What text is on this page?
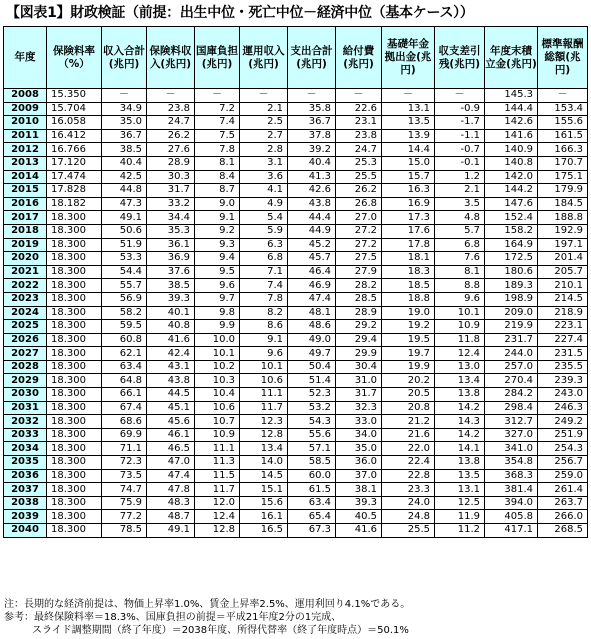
【図表1】財政検証（前提：出生中位・死亡中位－経済中位（基本ケース））
年度	保険料率（%）	収入合計(兆円)	保険料収入(兆円)	国庫負担(兆円)	運用収入(兆円)	支出合計(兆円)	給付費(兆円)	基礎年金拠出金(兆円)	収支差引残(兆円)	年度末積立金(兆円)	標準報酬総額(兆円)
2008	15.350	－	－	－	－	－	－	－	－	145.3	－
2009	15.704	34.9	23.8	7.2	2.1	35.8	22.6	13.1	-0.9	144.4	153.4
2010	16.058	35.0	24.7	7.4	2.5	36.7	23.1	13.5	-1.7	142.6	155.6
2011	16.412	36.7	26.2	7.5	2.7	37.8	23.8	13.9	-1.1	141.6	161.5
2012	16.766	38.5	27.6	7.8	2.8	39.2	24.7	14.4	-0.7	140.9	166.3
2013	17.120	40.4	28.9	8.1	3.1	40.4	25.3	15.0	-0.1	140.8	170.7
2014	17.474	42.5	30.3	8.4	3.6	41.3	25.5	15.7	1.2	142.0	175.1
2015	17.828	44.8	31.7	8.7	4.1	42.6	26.2	16.3	2.1	144.2	179.9
2016	18.182	47.3	33.2	9.0	4.9	43.8	26.8	16.9	3.5	147.6	184.5
2017	18.300	49.1	34.4	9.1	5.4	44.4	27.0	17.3	4.8	152.4	188.8
2018	18.300	50.6	35.3	9.2	5.9	44.9	27.2	17.6	5.7	158.2	192.9
2019	18.300	51.9	36.1	9.3	6.3	45.2	27.2	17.8	6.8	164.9	197.1
2020	18.300	53.3	36.9	9.4	6.8	45.7	27.5	18.1	7.6	172.5	201.4
2021	18.300	54.4	37.6	9.5	7.1	46.4	27.9	18.3	8.1	180.6	205.7
2022	18.300	55.7	38.5	9.6	7.4	46.9	28.2	18.5	8.8	189.3	210.1
2023	18.300	56.9	39.3	9.7	7.8	47.4	28.5	18.8	9.6	198.9	214.5
2024	18.300	58.2	40.1	9.8	8.2	48.1	28.9	19.0	10.1	209.0	218.9
2025	18.300	59.5	40.8	9.9	8.6	48.6	29.2	19.2	10.9	219.9	223.1
2026	18.300	60.8	41.6	10.0	9.1	49.0	29.4	19.5	11.8	231.7	227.4
2027	18.300	62.1	42.4	10.1	9.6	49.7	29.9	19.7	12.4	244.0	231.5
2028	18.300	63.4	43.1	10.2	10.1	50.4	30.4	19.9	13.0	257.0	235.5
2029	18.300	64.8	43.8	10.3	10.6	51.4	31.0	20.2	13.4	270.4	239.3
2030	18.300	66.1	44.5	10.4	11.1	52.3	31.7	20.5	13.8	284.2	243.0
2031	18.300	67.4	45.1	10.6	11.7	53.2	32.3	20.8	14.2	298.4	246.3
2032	18.300	68.6	45.6	10.7	12.3	54.3	33.0	21.2	14.3	312.7	249.2
2033	18.300	69.9	46.1	10.9	12.8	55.6	34.0	21.6	14.2	327.0	251.9
2034	18.300	71.1	46.5	11.1	13.4	57.1	35.0	22.0	14.1	341.0	254.3
2035	18.300	72.3	47.0	11.3	14.0	58.5	36.0	22.4	13.8	354.8	256.7
2036	18.300	73.5	47.4	11.5	14.5	60.0	37.0	22.8	13.5	368.3	259.0
2037	18.300	74.7	47.8	11.7	15.1	61.5	38.1	23.3	13.1	381.4	261.4
2038	18.300	75.9	48.3	12.0	15.6	63.4	39.3	24.0	12.5	394.0	263.7
2039	18.300	77.2	48.7	12.4	16.1	65.4	40.5	24.8	11.9	405.8	266.0
2040	18.300	78.5	49.1	12.8	16.5	67.3	41.6	25.5	11.2	417.1	268.5
注：長期的な経済前提は、物価上昇率1.0%、賃金上昇率2.5%、運用利回り4.1%である。
参考：最終保険料率＝18.3%、国庫負担の前提＝平成21年度2分の1完成、
スライド調整期間（終了年度）＝2038年度、所得代替率（終了年度時点）＝50.1%
